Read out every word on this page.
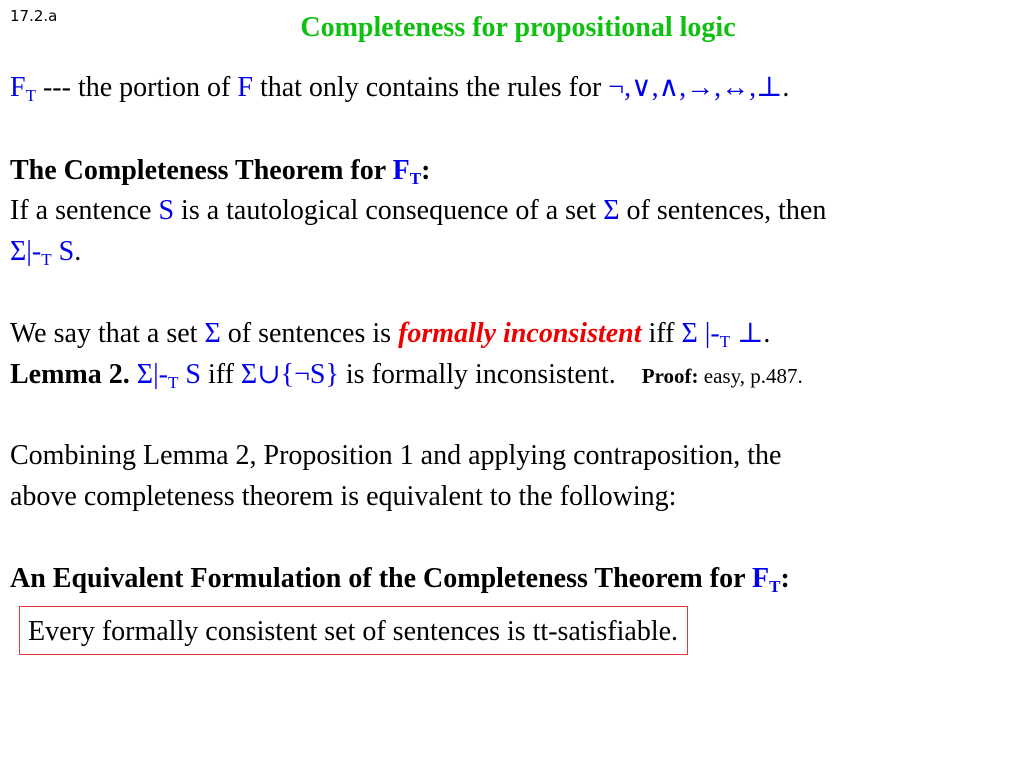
17.2.a	Completeness for propositional logic
$F_T$ --- the portion of F that only contains the rules for ¬,∨,∧,→,↔,⊥.
The Completeness Theorem for $F_T$:
If a sentence S is a tautological consequence of a set Σ of sentences, then
$\Sigma|-_T$ S.
We say that a set Σ of sentences is formally inconsistent iff Σ $|-_T$ ⊥.
Lemma 2. $\Sigma|-_T$ S iff Σ∪{¬S} is formally inconsistent. Proof: easy, p.487.
Combining Lemma 2, Proposition 1 and applying contraposition, the
above completeness theorem is equivalent to the following:
An Equivalent Formulation of the Completeness Theorem for $F_T$:
Every formally consistent set of sentences is tt-satisfiable.
